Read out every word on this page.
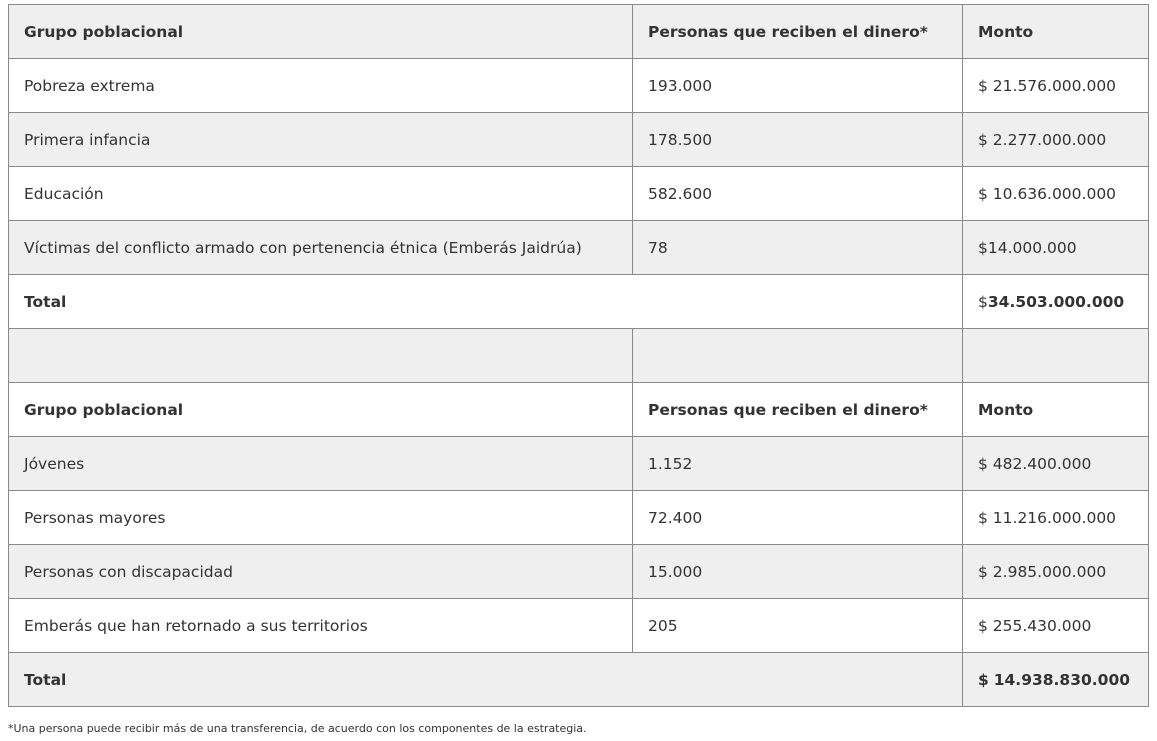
Grupo poblacional	Personas que reciben el dinero*	Monto
Pobreza extrema	193.000	$ 21.576.000.000
Primera infancia	178.500	$ 2.277.000.000
Educación	582.600	$ 10.636.000.000
Víctimas del conflicto armado con pertenencia étnica (Emberás Jaidrúa)	78	$14.000.000
Total		$34.503.000.000

Grupo poblacional	Personas que reciben el dinero*	Monto
Jóvenes	1.152	$ 482.400.000
Personas mayores	72.400	$ 11.216.000.000
Personas con discapacidad	15.000	$ 2.985.000.000
Emberás que han retornado a sus territorios	205	$ 255.430.000
Total		$ 14.938.830.000
*Una persona puede recibir más de una transferencia, de acuerdo con los componentes de la estrategia.
